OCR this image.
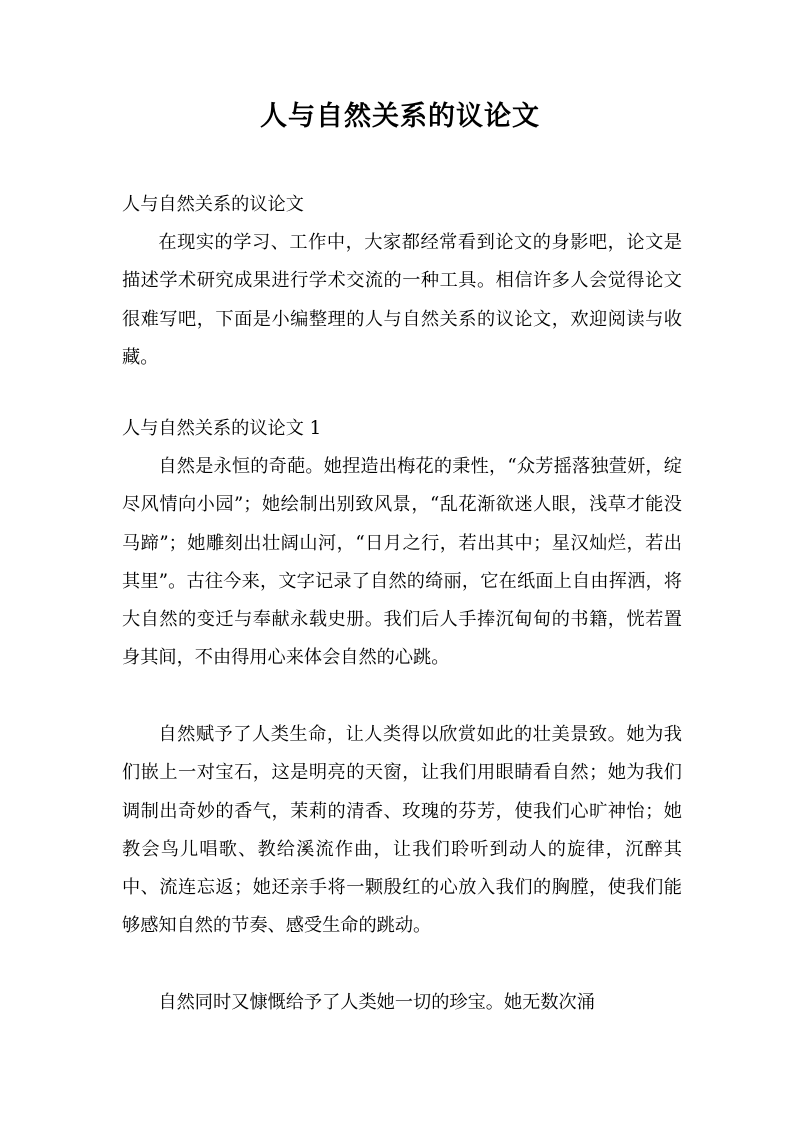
人与自然关系的议论文

人与自然关系的议论文

在现实的学习、工作中，大家都经常看到论文的身影吧，论文是描述学术研究成果进行学术交流的一种工具。相信许多人会觉得论文很难写吧，下面是小编整理的人与自然关系的议论文，欢迎阅读与收藏。

人与自然关系的议论文 1

自然是永恒的奇葩。她捏造出梅花的秉性，“众芳摇落独萱妍，绽尽风情向小园”；她绘制出别致风景，“乱花渐欲迷人眼，浅草才能没马蹄”；她雕刻出壮阔山河，“日月之行，若出其中；星汉灿烂，若出其里”。古往今来，文字记录了自然的绮丽，它在纸面上自由挥洒，将大自然的变迁与奉献永载史册。我们后人手捧沉甸甸的书籍，恍若置身其间，不由得用心来体会自然的心跳。

自然赋予了人类生命，让人类得以欣赏如此的壮美景致。她为我们嵌上一对宝石，这是明亮的天窗，让我们用眼睛看自然；她为我们调制出奇妙的香气，茉莉的清香、玫瑰的芬芳，使我们心旷神怡；她教会鸟儿唱歌、教给溪流作曲，让我们聆听到动人的旋律，沉醉其中、流连忘返；她还亲手将一颗殷红的心放入我们的胸膛，使我们能够感知自然的节奏、感受生命的跳动。

自然同时又慷慨给予了人类她一切的珍宝。她无数次涌
